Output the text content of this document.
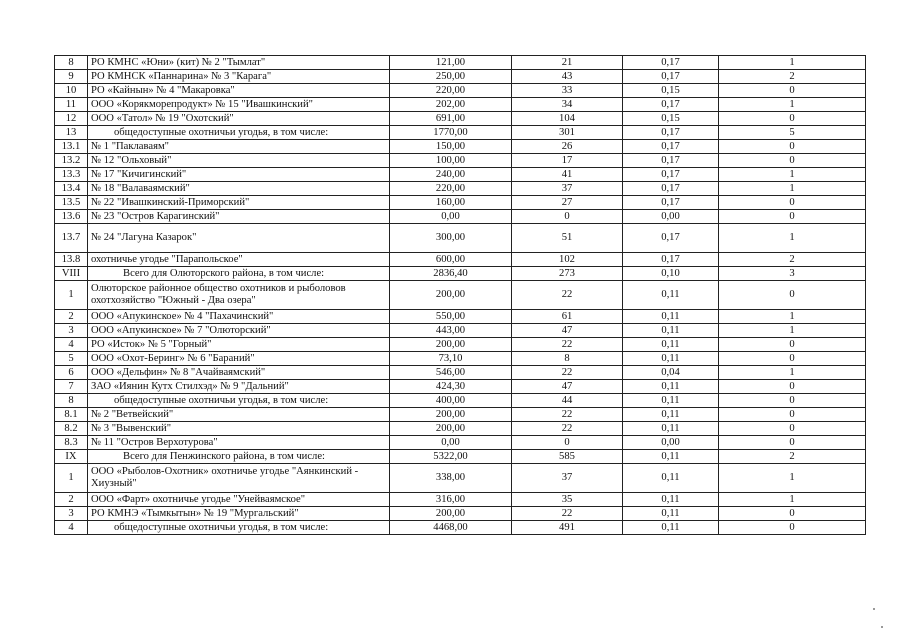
8	РО КМНС «Юни» (кит) № 2 "Тымлат"	121,00	21	0,17	1
9	РО КМНСК «Паннарина» № 3 "Карага"	250,00	43	0,17	2
10	РО «Кайнын» № 4 "Макаровка"	220,00	33	0,15	0
11	ООО «Корякморепродукт» № 15 "Ивашкинский"	202,00	34	0,17	1
12	ООО «Татол» № 19 "Охотский"	691,00	104	0,15	0
13	общедоступные охотничьи угодья, в том числе:	1770,00	301	0,17	5
13.1	№ 1 "Паклаваям"	150,00	26	0,17	0
13.2	№ 12 "Ольховый"	100,00	17	0,17	0
13.3	№ 17 "Кичигинский"	240,00	41	0,17	1
13.4	№ 18 "Валаваямский"	220,00	37	0,17	1
13.5	№ 22 "Ивашкинский-Приморский"	160,00	27	0,17	0
13.6	№ 23 "Остров Карагинский"	0,00	0	0,00	0
13.7	№ 24 "Лагуна Казарок"	300,00	51	0,17	1
13.8	охотничье угодье "Парапольское"	600,00	102	0,17	2
VIII	Всего для Олюторского района, в том числе:	2836,40	273	0,10	3
1	Олюторское районное общество охотников и рыболовов охотхозяйство "Южный - Два озера"	200,00	22	0,11	0
2	ООО «Апукинское» № 4 "Пахачинский"	550,00	61	0,11	1
3	ООО «Апукинское» № 7 "Олюторский"	443,00	47	0,11	1
4	РО «Исток» № 5 "Горный"	200,00	22	0,11	0
5	ООО «Охот-Беринг» № 6 "Бараний"	73,10	8	0,11	0
6	ООО «Дельфин» № 8 "Ачайваямский"	546,00	22	0,04	1
7	ЗАО «Иянин Кутх Стилхэд» № 9 "Дальний"	424,30	47	0,11	0
8	общедоступные охотничьи угодья, в том числе:	400,00	44	0,11	0
8.1	№ 2 "Ветвейский"	200,00	22	0,11	0
8.2	№ 3 "Вывенский"	200,00	22	0,11	0
8.3	№ 11 "Остров Верхотурова"	0,00	0	0,00	0
IX	Всего для Пенжинского района, в том числе:	5322,00	585	0,11	2
1	ООО «Рыболов-Охотник» охотничье угодье "Аянкинский - Хиузный"	338,00	37	0,11	1
2	ООО «Фарт» охотничье угодье "Унейваямское"	316,00	35	0,11	1
3	РО КМНЭ «Тымкытын» № 19 "Мургальский"	200,00	22	0,11	0
4	общедоступные охотничьи угодья, в том числе:	4468,00	491	0,11	0
